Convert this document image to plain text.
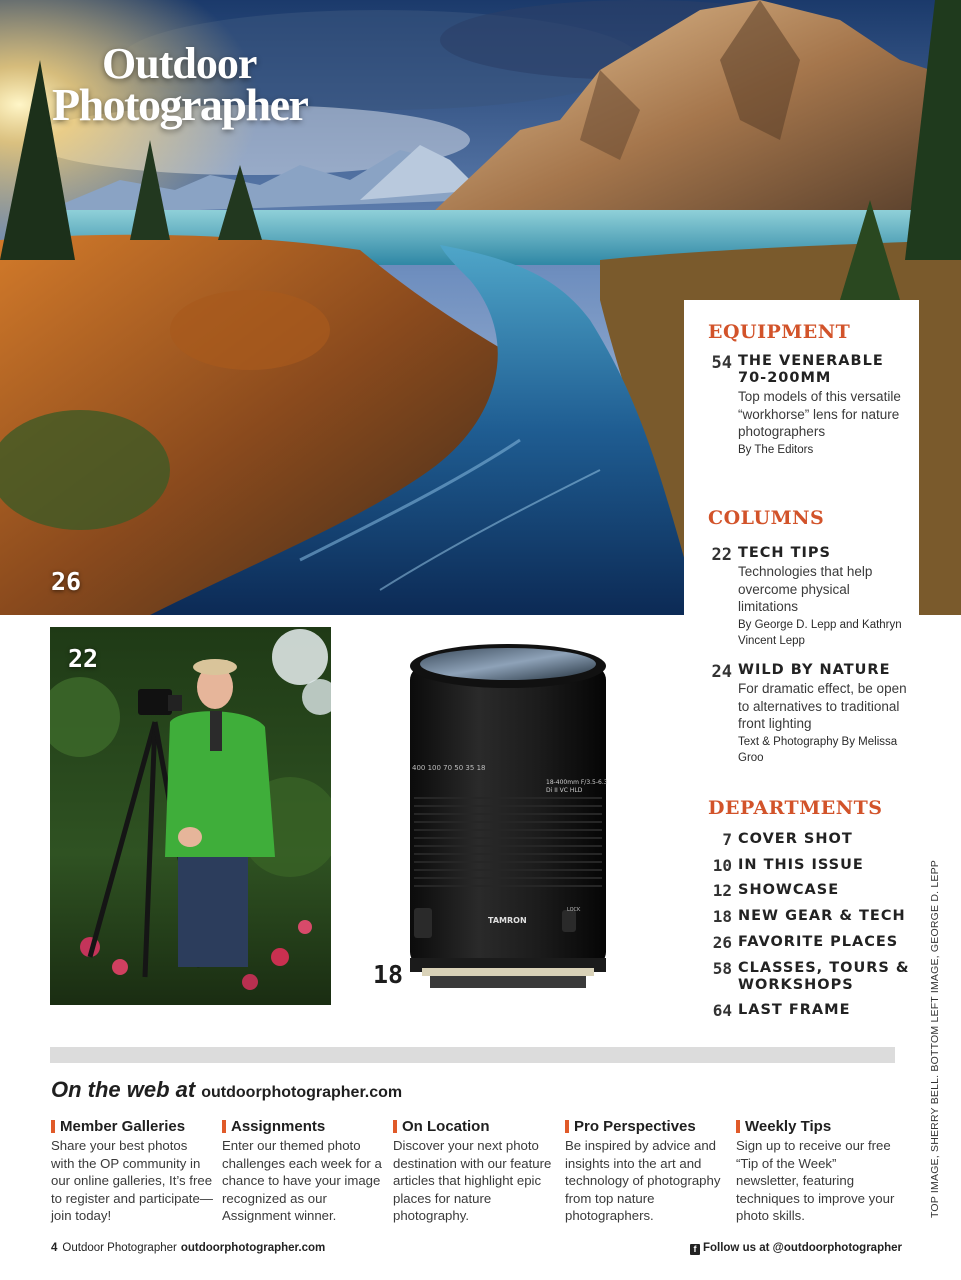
Outdoor
Photographer
26
EQUIPMENT
54 THE VENERABLE 70-200MM
Top models of this versatile “workhorse” lens for nature photographers
By The Editors
COLUMNS
22 TECH TIPS
Technologies that help overcome physical limitations
By George D. Lepp and Kathryn Vincent Lepp
24 WILD BY NATURE
For dramatic effect, be open to alternatives to traditional front lighting
Text & Photography By Melissa Groo
DEPARTMENTS
7 COVER SHOT
10 IN THIS ISSUE
12 SHOWCASE
18 NEW GEAR & TECH
26 FAVORITE PLACES
58 CLASSES, TOURS & WORKSHOPS
64 LAST FRAME
22
400 100 70 50 35 18
18-400mm F/3.5-6.3
Di II VC HLD
TAMRON
LOCK
18
On the web at outdoorphotographer.com
Member Galleries
Share your best photos with the OP community in our online galleries, It’s free to register and participate—join today!
Assignments
Enter our themed photo challenges each week for a chance to have your image recognized as our Assignment winner.
On Location
Discover your next photo destination with our feature articles that highlight epic places for nature photography.
Pro Perspectives
Be inspired by advice and insights into the art and technology of photography from top nature photographers.
Weekly Tips
Sign up to receive our free “Tip of the Week” newsletter, featuring techniques to improve your photo skills.	TOP IMAGE, SHERRY BELL. BOTTOM LEFT IMAGE, GEORGE D. LEPP
4 Outdoor Photographer outdoorphotographer.com	f Follow us at @outdoorphotographer
